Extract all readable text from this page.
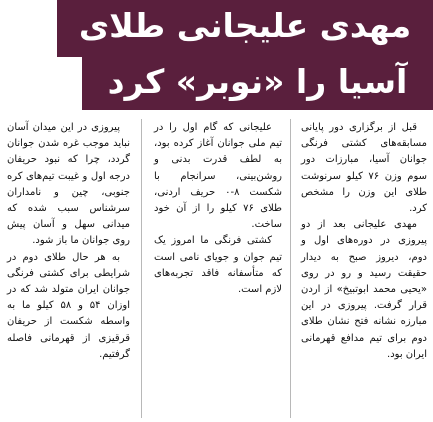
مهدی علیجانی طلای
آسیا را «نوبر» کرد

قبل از برگزاری دور پایانی مسابقه‌های کشتی فرنگی جوانان آسیا، مبارزات دور سوم وزن ۷۶ کیلو سرنوشت طلای این وزن را مشخص کرد.

مهدی علیجانی بعد از دو پیروزی در دوره‌های اول و دوم، دیروز صبح به دیدار حقیقت رسید و رو در روی «یحیی محمد ابوتبیخ» از اردن قرار گرفت. پیروزی در این مبارزه نشانه فتح نشان طلای دوم برای تیم مدافع قهرمانی ایران بود.

علیجانی که گام اول را در تیم ملی جوانان آغاز کرده بود، به لطف قدرت بدنی و روشن‌بینی، سرانجام با شکست ۸-۰ حریف اردنی، طلای ۷۶ کیلو را از آن خود ساخت.

کشتی فرنگی ما امروز یک تیم جوان و جویای نامی است که متأسفانه فاقد تجربه‌های لازم است.

پیروزی در این میدان آسان نباید موجب غره شدن جوانان گردد، چرا که نبود حریفان درجه اول و غیبت تیم‌های کره جنوبی، چین و نامداران سرشناس سبب شده که میدانی سهل و آسان پیش روی جوانان ما باز شود.

به هر حال طلای دوم در شرایطی برای کشتی فرنگی جوانان ایران متولد شد که در اوزان ۵۴ و ۵۸ کیلو ما به واسطه شکست از حریفان قرقیزی از قهرمانی فاصله گرفتیم.
